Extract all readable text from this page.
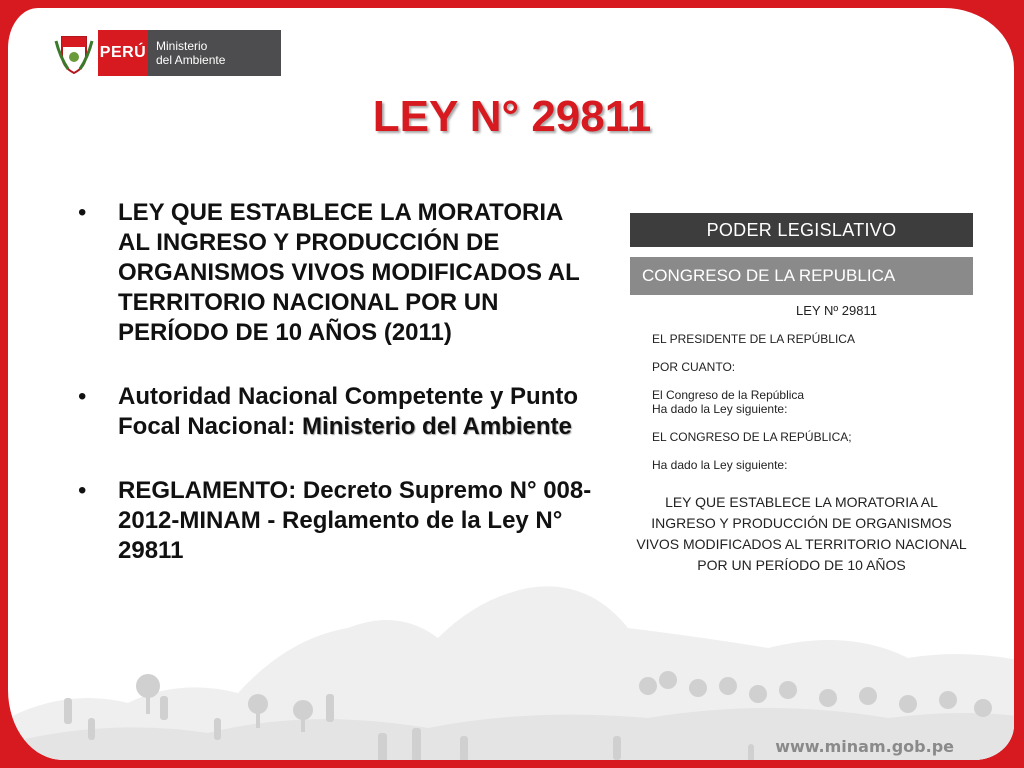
PERÚ Ministerio
del Ambiente
www.minam.gob.pe
LEY N° 29811
•	LEY QUE ESTABLECE LA MORATORIA AL INGRESO Y PRODUCCIÓN DE ORGANISMOS VIVOS MODIFICADOS AL TERRITORIO NACIONAL POR UN PERÍODO DE 10 AÑOS (2011)
•	Autoridad Nacional Competente y Punto Focal Nacional: Ministerio del Ambiente
•	REGLAMENTO: Decreto Supremo N° 008-2012-MINAM - Reglamento de la Ley N° 29811
PODER LEGISLATIVO
CONGRESO DE LA REPUBLICA
LEY Nº 29811
EL PRESIDENTE DE LA REPÚBLICA
POR CUANTO:
El Congreso de la República
Ha dado la Ley siguiente:
EL CONGRESO DE LA REPÚBLICA;
Ha dado la Ley siguiente:
LEY QUE ESTABLECE LA MORATORIA AL
INGRESO Y PRODUCCIÓN DE ORGANISMOS
VIVOS MODIFICADOS AL TERRITORIO NACIONAL
POR UN PERÍODO DE 10 AÑOS
